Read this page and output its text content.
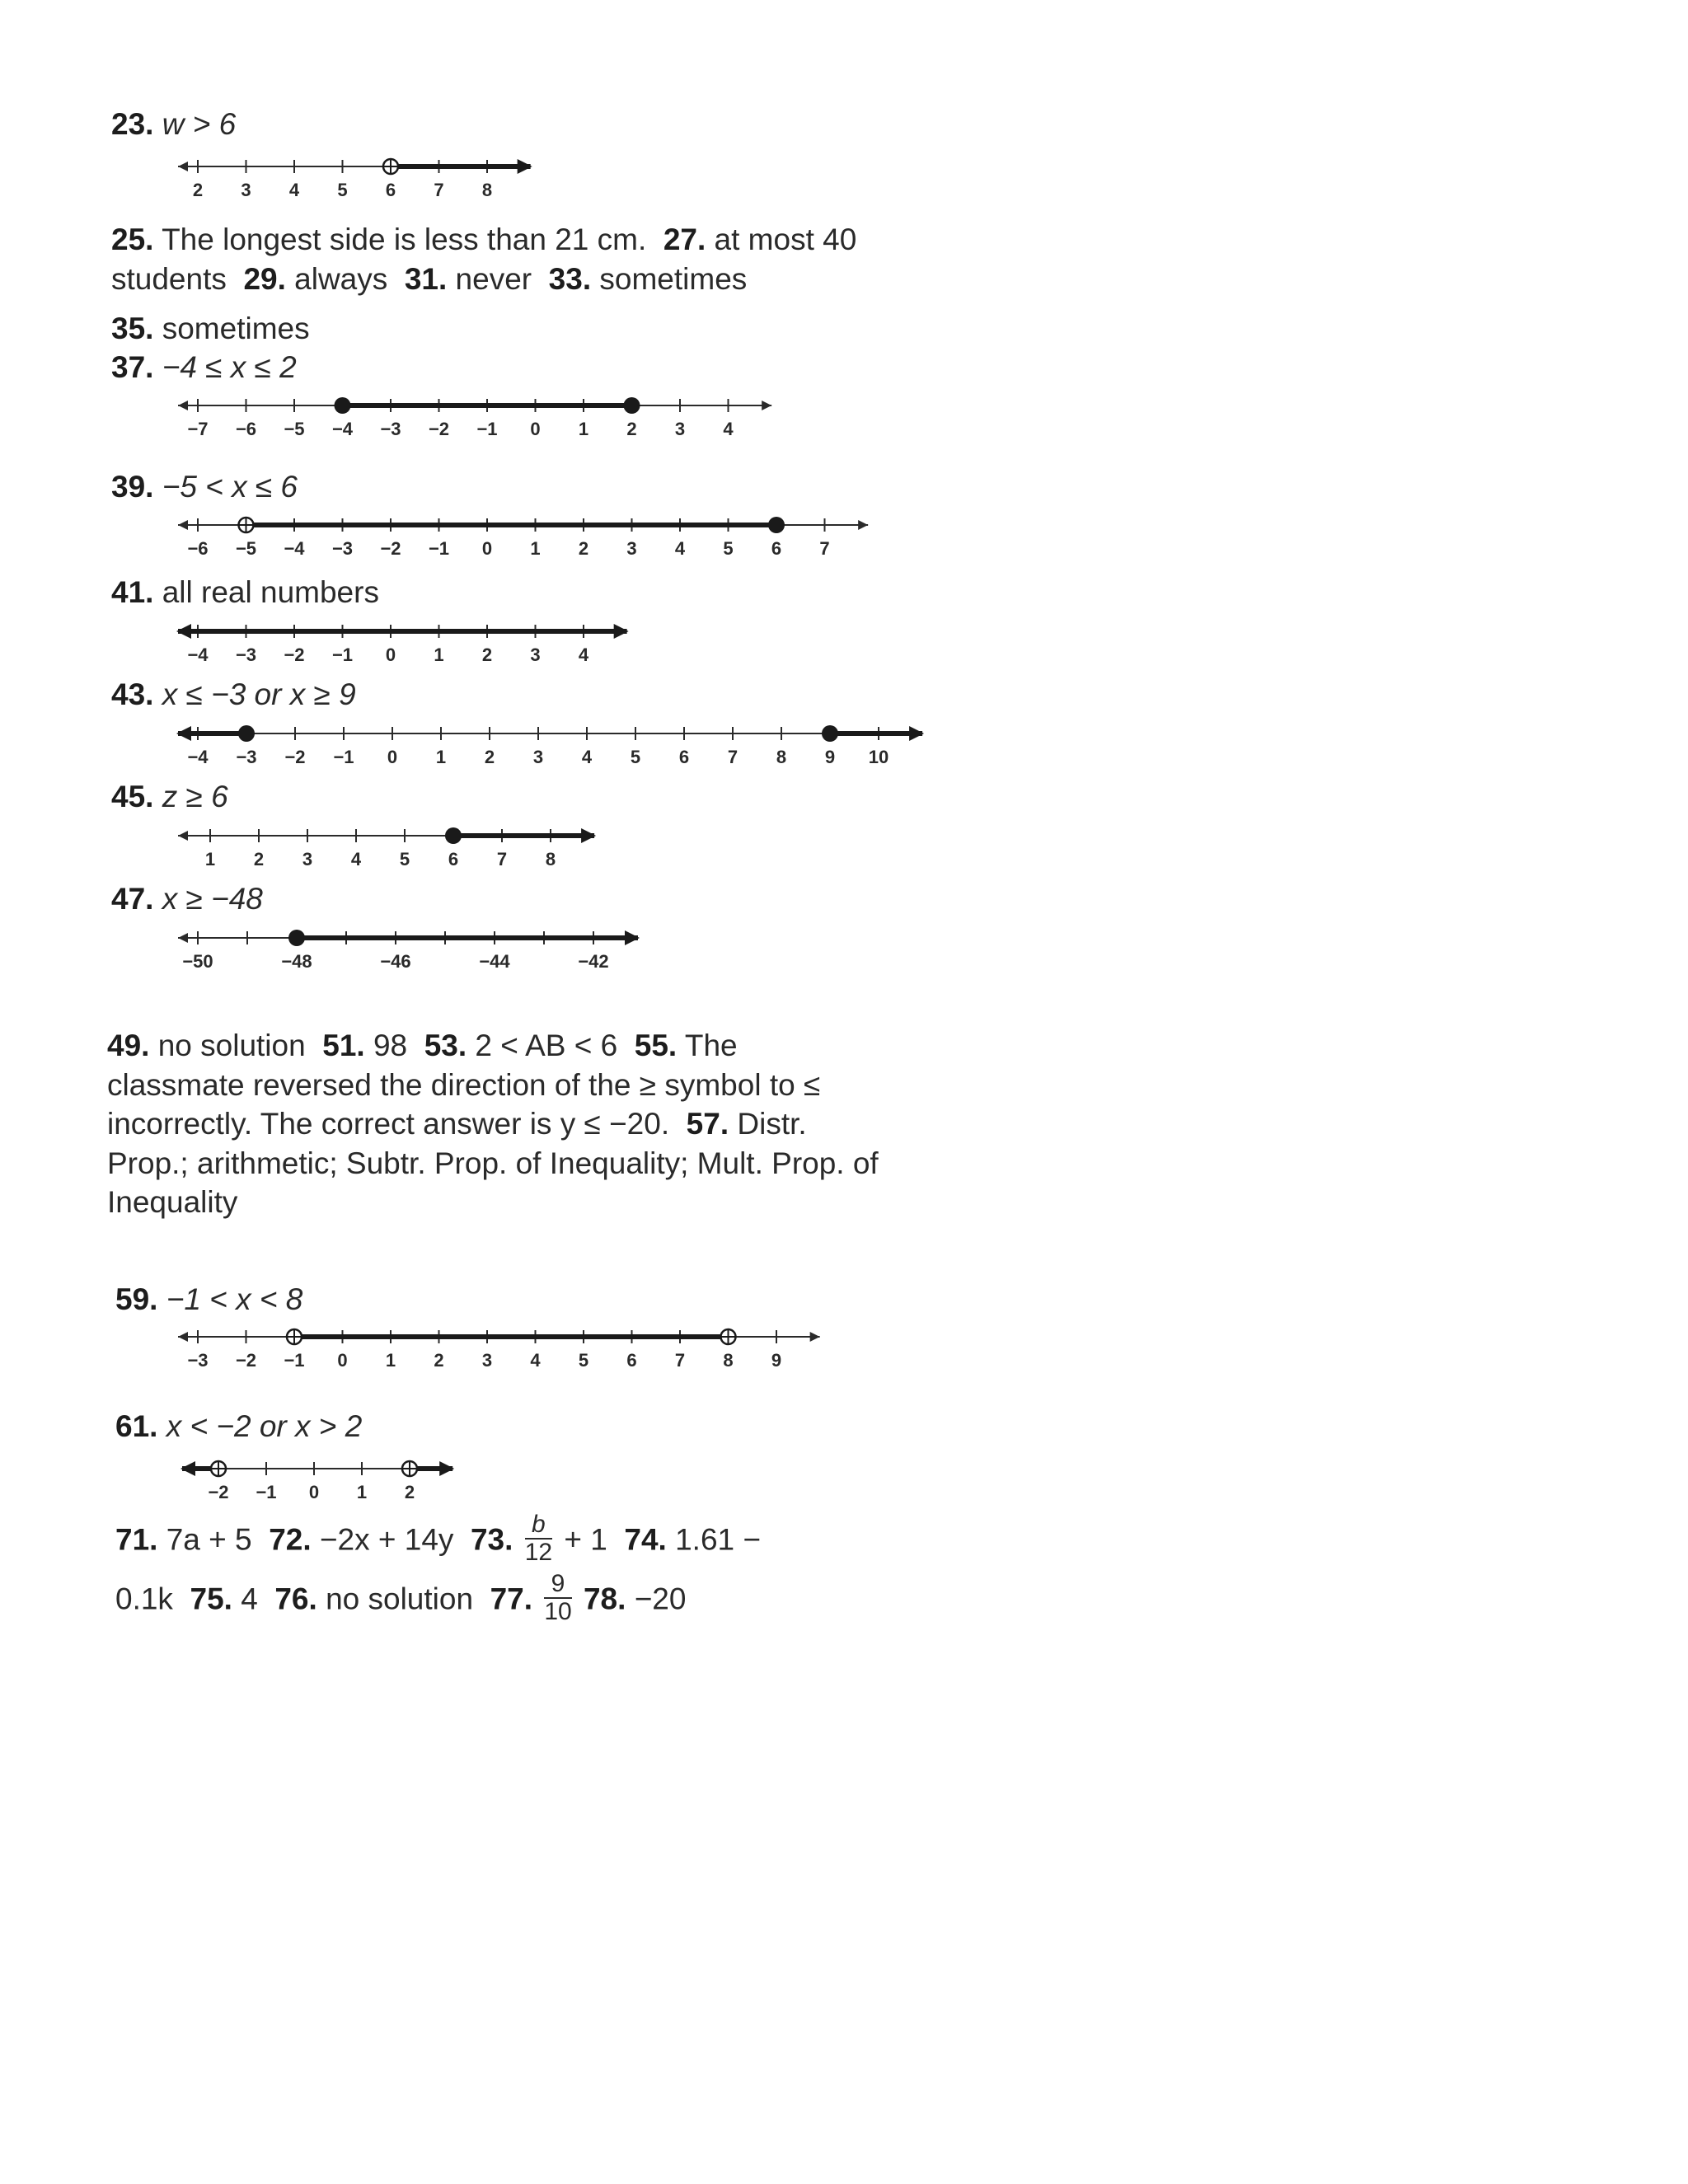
23. w > 6
2 3 4 5 6 7 8
25. The longest side is less than 21 cm. 27. at most 40
students 29. always 31. never 33. sometimes
35. sometimes
37. −4 ≤ x ≤ 2
−7 −6 −5 −4 −3 −2 −1 0 1 2 3 4
39. −5 < x ≤ 6
−6 −5 −4 −3 −2 −1 0 1 2 3 4 5 6 7
41. all real numbers
−4 −3 −2 −1 0 1 2 3 4
43. x ≤ −3 or x ≥ 9
−4 −3 −2 −1 0 1 2 3 4 5 6 7 8 9 10
45. z ≥ 6
1 2 3 4 5 6 7 8
47. x ≥ −48
−50	−48	−46	−44	−42
49. no solution 51. 98 53. 2 < AB < 6 55. The
classmate reversed the direction of the ≥ symbol to ≤
incorrectly. The correct answer is y ≤ −20. 57. Distr.
Prop.; arithmetic; Subtr. Prop. of Inequality; Mult. Prop. of
Inequality
59. −1 < x < 8
−3 −2 −1 0 1 2 3 4 5 6 7 8 9
61. x < −2 or x > 2
−2 −1 0 1 2
71. 7a + 5 72. −2x + 14y 73. $\frac{b}{12} + 1$ 74. 1.61 −
0.1k 75. 4 76. no solution 77. $\frac{9}{10} 78$. −20
